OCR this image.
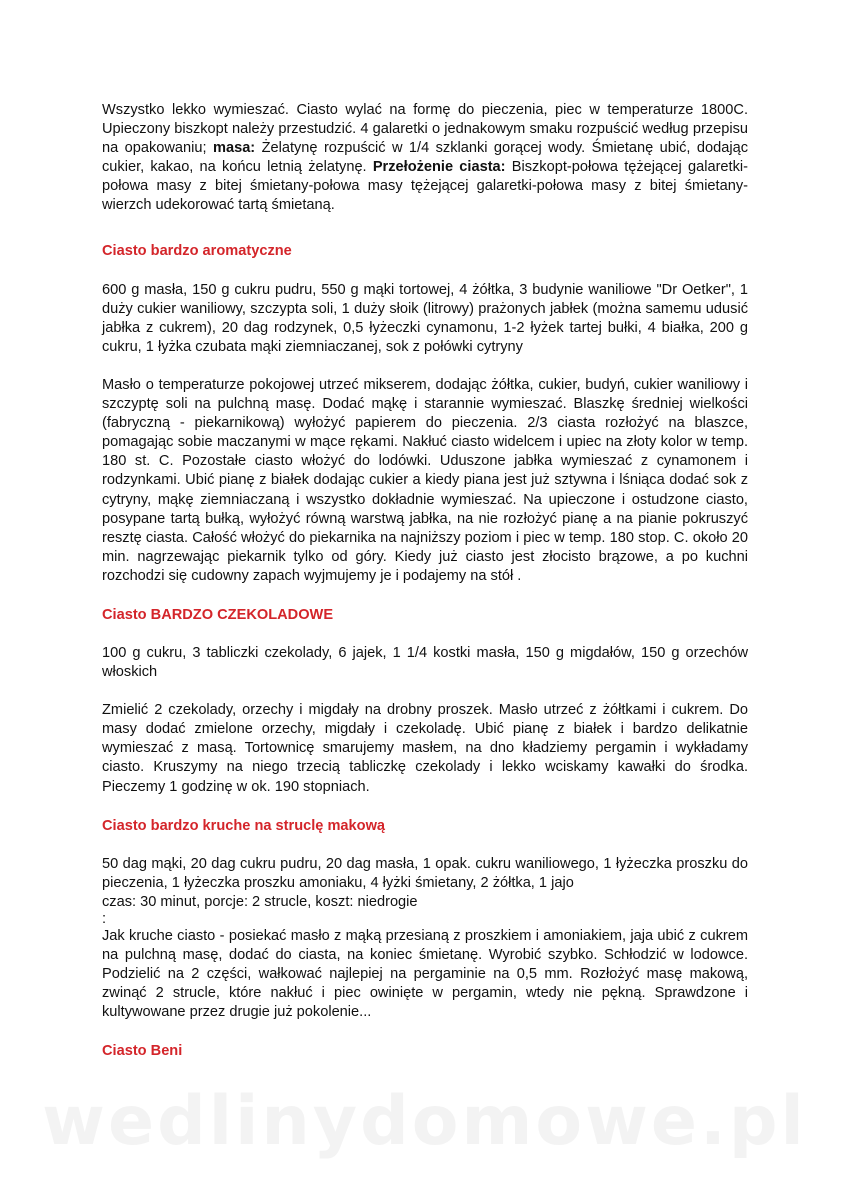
Wszystko lekko wymieszać. Ciasto wylać na formę do pieczenia, piec w temperaturze 1800C. Upieczony biszkopt należy przestudzić. 4 galaretki o jednakowym smaku rozpuścić według przepisu na opakowaniu; masa: Żelatynę rozpuścić w 1/4 szklanki gorącej wody. Śmietanę ubić, dodając cukier, kakao, na końcu letnią żelatynę. Przełożenie ciasta: Biszkopt-połowa tężejącej galaretki-połowa masy z bitej śmietany-połowa masy tężejącej galaretki-połowa masy z bitej śmietany-wierzch udekorować tartą śmietaną.

Ciasto bardzo aromatyczne

600 g masła, 150 g cukru pudru, 550 g mąki tortowej, 4 żółtka, 3 budynie waniliowe "Dr Oetker", 1 duży cukier waniliowy, szczypta soli, 1 duży słoik (litrowy) prażonych jabłek (można samemu udusić jabłka z cukrem), 20 dag rodzynek, 0,5 łyżeczki cynamonu, 1-2 łyżek tartej bułki, 4 białka, 200 g cukru, 1 łyżka czubata mąki ziemniaczanej, sok z połówki cytryny

Masło o temperaturze pokojowej utrzeć mikserem, dodając żółtka, cukier, budyń, cukier waniliowy i szczyptę soli na pulchną masę. Dodać mąkę i starannie wymieszać. Blaszkę średniej wielkości (fabryczną - piekarnikową) wyłożyć papierem do pieczenia. 2/3 ciasta rozłożyć na blaszce, pomagając sobie maczanymi w mące rękami. Nakłuć ciasto widelcem i upiec na złoty kolor w temp. 180 st. C. Pozostałe ciasto włożyć do lodówki. Uduszone jabłka wymieszać z cynamonem i rodzynkami. Ubić pianę z białek dodając cukier a kiedy piana jest już sztywna i lśniąca dodać sok z cytryny, mąkę ziemniaczaną i wszystko dokładnie wymieszać. Na upieczone i ostudzone ciasto, posypane tartą bułką, wyłożyć równą warstwą jabłka, na nie rozłożyć pianę a na pianie pokruszyć resztę ciasta. Całość włożyć do piekarnika na najniższy poziom i piec w temp. 180 stop. C. około 20 min. nagrzewając piekarnik tylko od góry. Kiedy już ciasto jest złocisto brązowe, a po kuchni rozchodzi się cudowny zapach wyjmujemy je i podajemy na stół .

Ciasto BARDZO CZEKOLADOWE

100 g cukru, 3 tabliczki czekolady, 6 jajek, 1 1/4 kostki masła, 150 g migdałów, 150 g orzechów włoskich

Zmielić 2 czekolady, orzechy i migdały na drobny proszek. Masło utrzeć z żółtkami i cukrem. Do masy dodać zmielone orzechy, migdały i czekoladę. Ubić pianę z białek i bardzo delikatnie wymieszać z masą. Tortownicę smarujemy masłem, na dno kładziemy pergamin i wykładamy ciasto. Kruszymy na niego trzecią tabliczkę czekolady i lekko wciskamy kawałki do środka. Pieczemy 1 godzinę w ok. 190 stopniach.

Ciasto bardzo kruche na struclę makową

50 dag mąki, 20 dag cukru pudru, 20 dag masła, 1 opak. cukru waniliowego, 1 łyżeczka proszku do pieczenia, 1 łyżeczka proszku amoniaku, 4 łyżki śmietany, 2 żółtka, 1 jajo

czas: 30 minut, porcje: 2 strucle, koszt: niedrogie

:

Jak kruche ciasto - posiekać masło z mąką przesianą z proszkiem i amoniakiem, jaja ubić z cukrem na pulchną masę, dodać do ciasta, na koniec śmietanę. Wyrobić szybko. Schłodzić w lodowce. Podzielić na 2 części, wałkować najlepiej na pergaminie na 0,5 mm. Rozłożyć masę makową, zwinąć 2 strucle, które nakłuć i piec owinięte w pergamin, wtedy nie pękną. Sprawdzone i kultywowane przez drugie już pokolenie...

Ciasto Beni

wedlinydomowe.pl
